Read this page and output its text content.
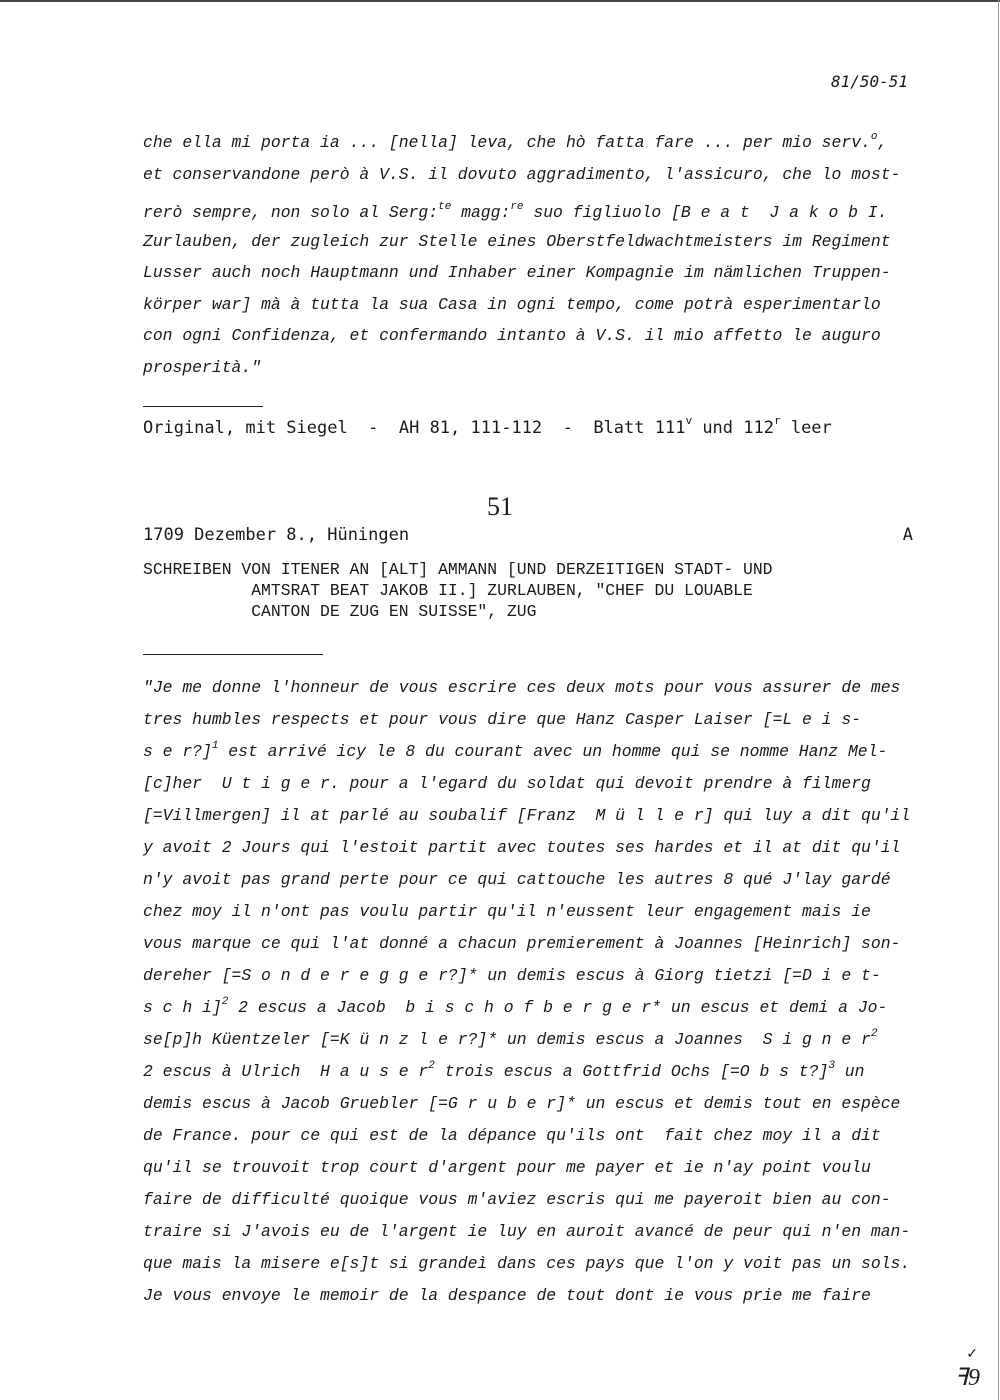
81/50-51
che ella mi porta ia ... [nella] leva, che hò fatta fare ... per mio serv.$^o$,
et conservandone però à V.S. il dovuto aggradimento, l'assicuro, che lo most-
rerò sempre, non solo al Serg:$^{te}$ magg:$^{re}$ suo figliuolo [B e a t  J a k o b I.
Zurlauben, der zugleich zur Stelle eines Oberstfeldwachtmeisters im Regiment
Lusser auch noch Hauptmann und Inhaber einer Kompagnie im nämlichen Truppen-
körper war] mà à tutta la sua Casa in ogni tempo, come potrà esperimentarlo
con ogni Confidenza, et confermando intanto à V.S. il mio affetto le auguro
prosperità."
Original, mit Siegel  -  AH 81, 111-112  -  Blatt 111$^v$ und 112$^r$ leer
51
1709 Dezember 8., Hüningen	A
SCHREIBEN VON ITENER AN [ALT] AMMANN [UND DERZEITIGEN STADT- UND
AMTSRAT BEAT JAKOB II.] ZURLAUBEN, "CHEF DU LOUABLE
CANTON DE ZUG EN SUISSE", ZUG
"Je me donne l'honneur de vous escrire ces deux mots pour vous assurer de mes
tres humbles respects et pour vous dire que Hanz Casper Laiser [=L e i s-
s e r?]$^1$ est arrivé icy le 8 du courant avec un homme qui se nomme Hanz Mel-
[c]her  U t i g e r. pour a l'egard du soldat qui devoit prendre à filmerg
[=Villmergen] il at parlé au soubalif [Franz  M ü l l e r] qui luy a dit qu'il
y avoit 2 Jours qui l'estoit partit avec toutes ses hardes et il at dit qu'il
n'y avoit pas grand perte pour ce qui cattouche les autres 8 qué J'lay gardé
chez moy il n'ont pas voulu partir qu'il n'eussent leur engagement mais ie
vous marque ce qui l'at donné a chacun premierement à Joannes [Heinrich] son-
dereher [=S o n d e r e g g e r?]* un demis escus à Giorg tietzi [=D i e t-
s c h i]$^2$ 2 escus a Jacob  b i s c h o f b e r g e r* un escus et demi a Jo-
se[p]h Küentzeler [=K ü n z l e r?]* un demis escus a Joannes  S i g n e $r^2$
2 escus à Ulrich  H a u s e $r^2$ trois escus a Gottfrid Ochs [=O b s t?]$^3$ un
demis escus à Jacob Gruebler [=G r u b e r]* un escus et demis tout en espèce
de France. pour ce qui est de la dépance qu'ils ont  fait chez moy il a dit
qu'il se trouvoit trop court d'argent pour me payer et ie n'ay point voulu
faire de difficulté quoique vous m'aviez escris qui me payeroit bien au con-
traire si J'avois eu de l'argent ie luy en auroit avancé de peur qui n'en man-
que mais la misere e[s]t si grandeì dans ces pays que l'on y voit pas un sols.
Je vous envoye le memoir de la despance de tout dont ie vous prie me faire
✓
ꟻ9
